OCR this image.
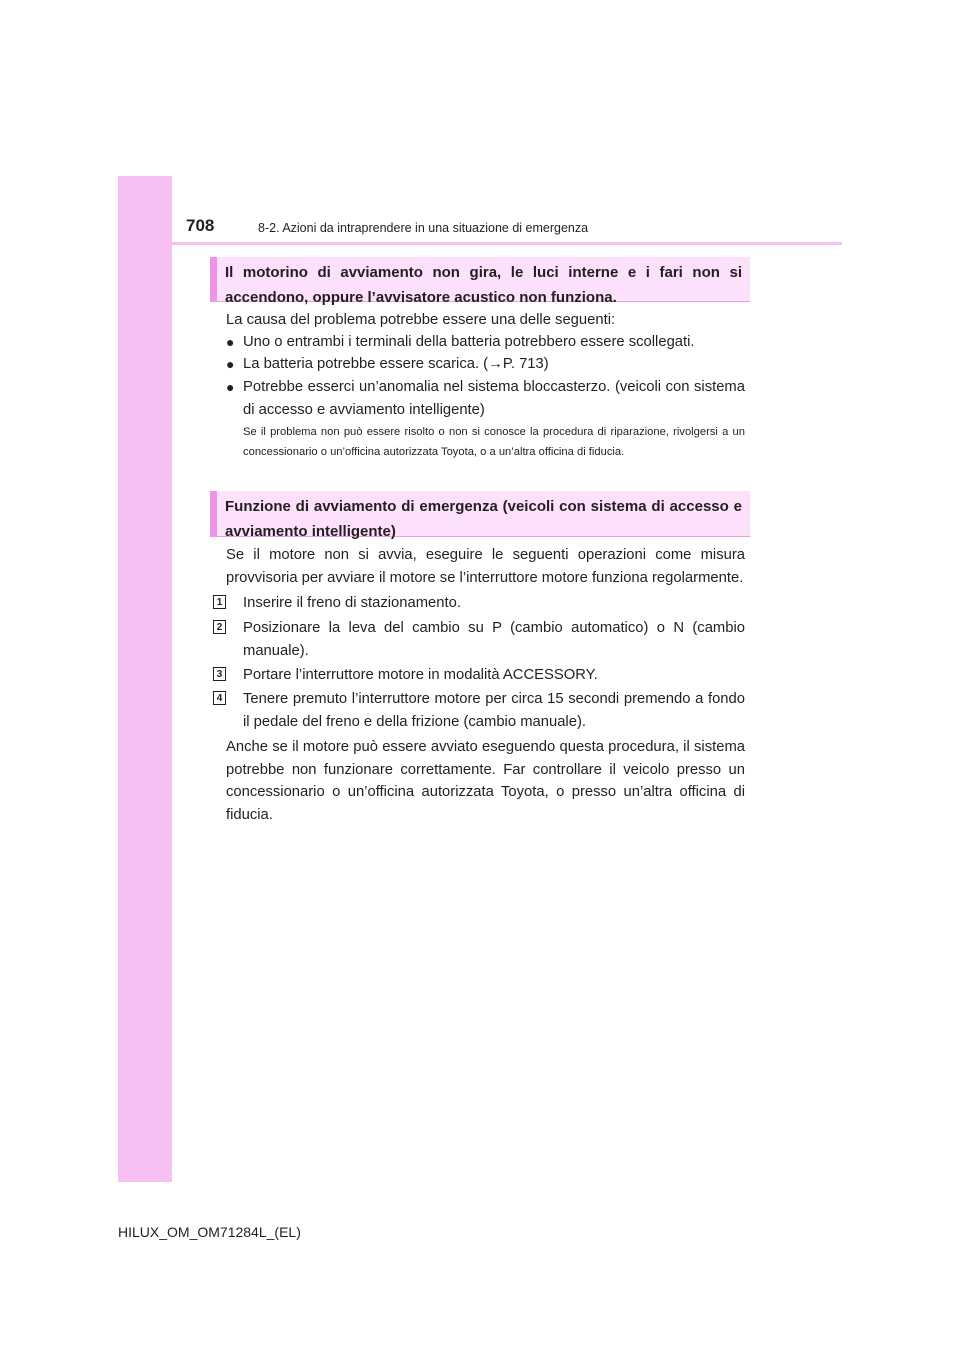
708	8-2. Azioni da intraprendere in una situazione di emergenza
Il motorino di avviamento non gira, le luci interne e i fari non si accendono, oppure l’avvisatore acustico non funziona.
La causa del problema potrebbe essere una delle seguenti:
● Uno o entrambi i terminali della batteria potrebbero essere scollegati.
● La batteria potrebbe essere scarica. (→P. 713)
● Potrebbe esserci un’anomalia nel sistema bloccasterzo. (veicoli con sistema di accesso e avviamento intelligente)
Se il problema non può essere risolto o non si conosce la procedura di riparazione, rivolgersi a un concessionario o un’officina autorizzata Toyota, o a un’altra officina di fiducia.
Funzione di avviamento di emergenza (veicoli con sistema di accesso e avviamento intelligente)
Se il motore non si avvia, eseguire le seguenti operazioni come misura provvisoria per avviare il motore se l’interruttore motore funziona regolarmente.
1 Inserire il freno di stazionamento.
2 Posizionare la leva del cambio su P (cambio automatico) o N (cambio manuale).
3 Portare l’interruttore motore in modalità ACCESSORY.
4 Tenere premuto l’interruttore motore per circa 15 secondi premendo a fondo il pedale del freno e della frizione (cambio manuale).
Anche se il motore può essere avviato eseguendo questa procedura, il sistema potrebbe non funzionare correttamente. Far controllare il veicolo presso un concessionario o un’officina autorizzata Toyota, o presso un’altra officina di fiducia.
HILUX_OM_OM71284L_(EL)
